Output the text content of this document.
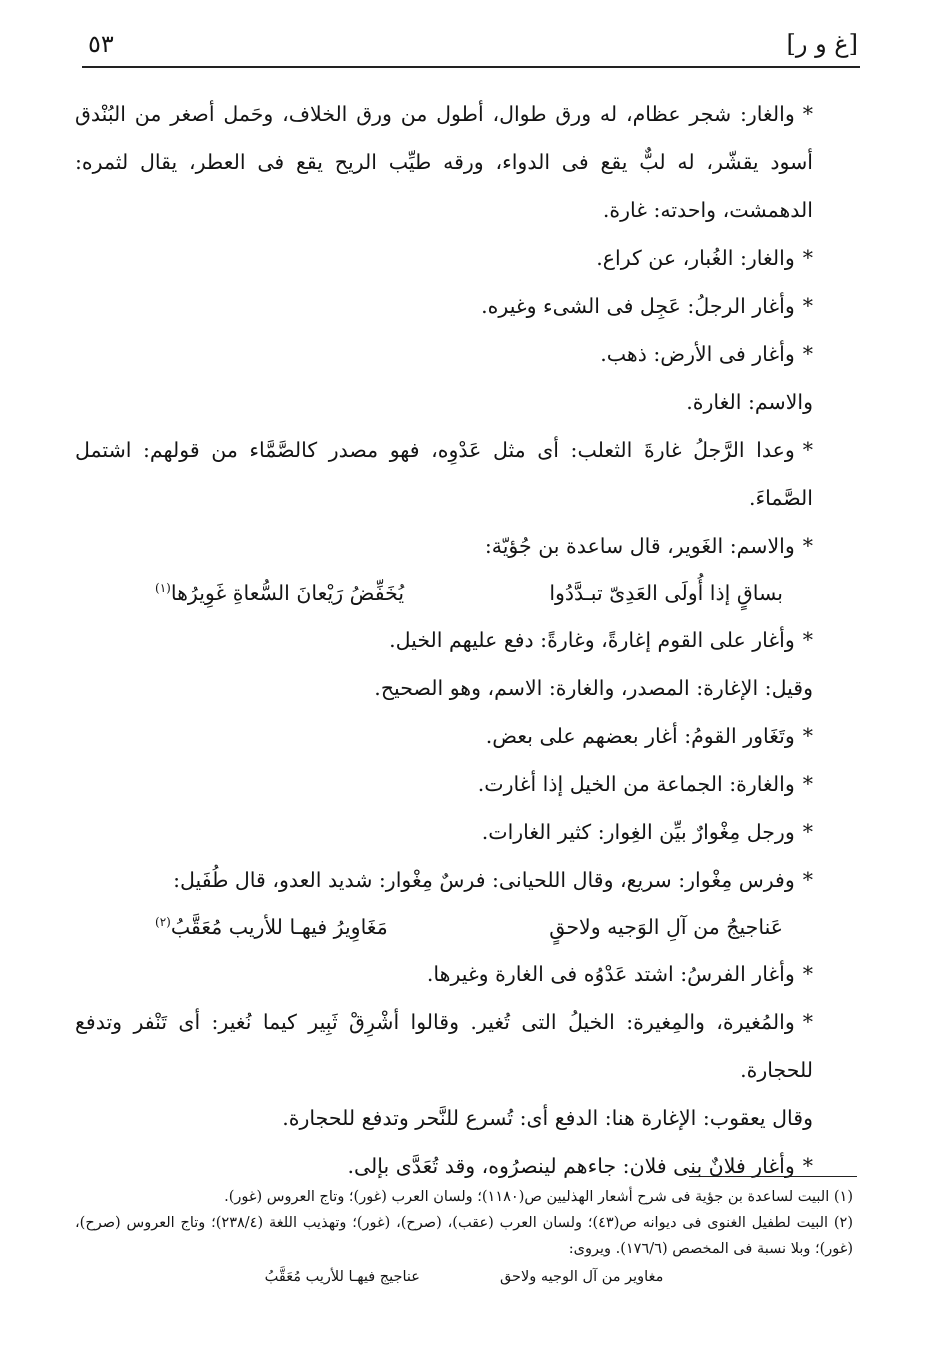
٥٣	[غ و ر]

*والغار: شجر عظام، له ورق طوال، أطول من ورق الخلاف، وحَمل أصغر من البُنْدق أسود يقشّر، له لبٌّ يقع فى الدواء، ورقه طيِّب الريح يقع فى العطر، يقال لثمره: الدهمشت، واحدته: غارة.

*والغار: الغُبار، عن كراع.

*وأغار الرجلُ: عَجِل فى الشىء وغيره.

*وأغار فى الأرض: ذهب.

والاسم: الغارة.

*وعدا الرَّجلُ غارةَ الثعلب: أى مثل عَدْوِه، فهو مصدر كالصَّمَّاء من قولهم: اشتمل الصَّماءَ.

*والاسم: الغَوير، قال ساعدة بن جُؤيّة:

بساقٍ إذا أُولَى العَدِىّ تبـدَّدُوا
يُخَفِّضُ رَيْعانَ السُّعاةِ غَوِيرُها$^{(١)}$

*وأغار على القوم إغارةً، وغارةً: دفع عليهم الخيل.

وقيل: الإغارة: المصدر، والغارة: الاسم، وهو الصحيح.

*وتَغَاور القومُ: أغار بعضهم على بعض.

*والغارة: الجماعة من الخيل إذا أغارت.

*ورجل مِغْوارٌ بيِّن الغِوار: كثير الغارات.

*وفرس مِغْوار: سريع، وقال اللحيانى: فرسٌ مِغْوار: شديد العدو، قال طُفَيل:

عَناجيجُ من آلِ الوَجيه ولاحقٍ
مَغَاوِيرُ فيهـا للأريب مُعَقَّبُ$^{(٢)}$

*وأغار الفرسُ: اشتد عَدْوُه فى الغارة وغيرها.

*والمُغيرة، والمِغيرة: الخيلُ التى تُغير. وقالوا أشْرِقْ ثَبِير كيما نُغير: أى تَنْفر وتدفع للحجارة.

وقال يعقوب: الإغارة هنا: الدفع أى: تُسرع للنَّحر وتدفع للحجارة.

*وأغار فلانٌ بنى فلان: جاءهم لينصرُوه، وقد تُعَدَّى بإلى.

(١) البيت لساعدة بن جؤية فى شرح أشعار الهذليين ص(١١٨٠)؛ ولسان العرب (غور)؛ وتاج العروس (غور).

(٢) البيت لطفيل الغنوى فى ديوانه ص(٤٣)؛ ولسان العرب (عقب)، (صرح)، (غور)؛ وتهذيب اللغة (٢٣٨/٤)؛ وتاج العروس (صرح)، (غور)؛ وبلا نسبة فى المخصص (١٧٦/٦). ويروى:

مغاوير من آل الوجيه ولاحق
عناجيج فيهـا للأريب مُعَقَّبُ
